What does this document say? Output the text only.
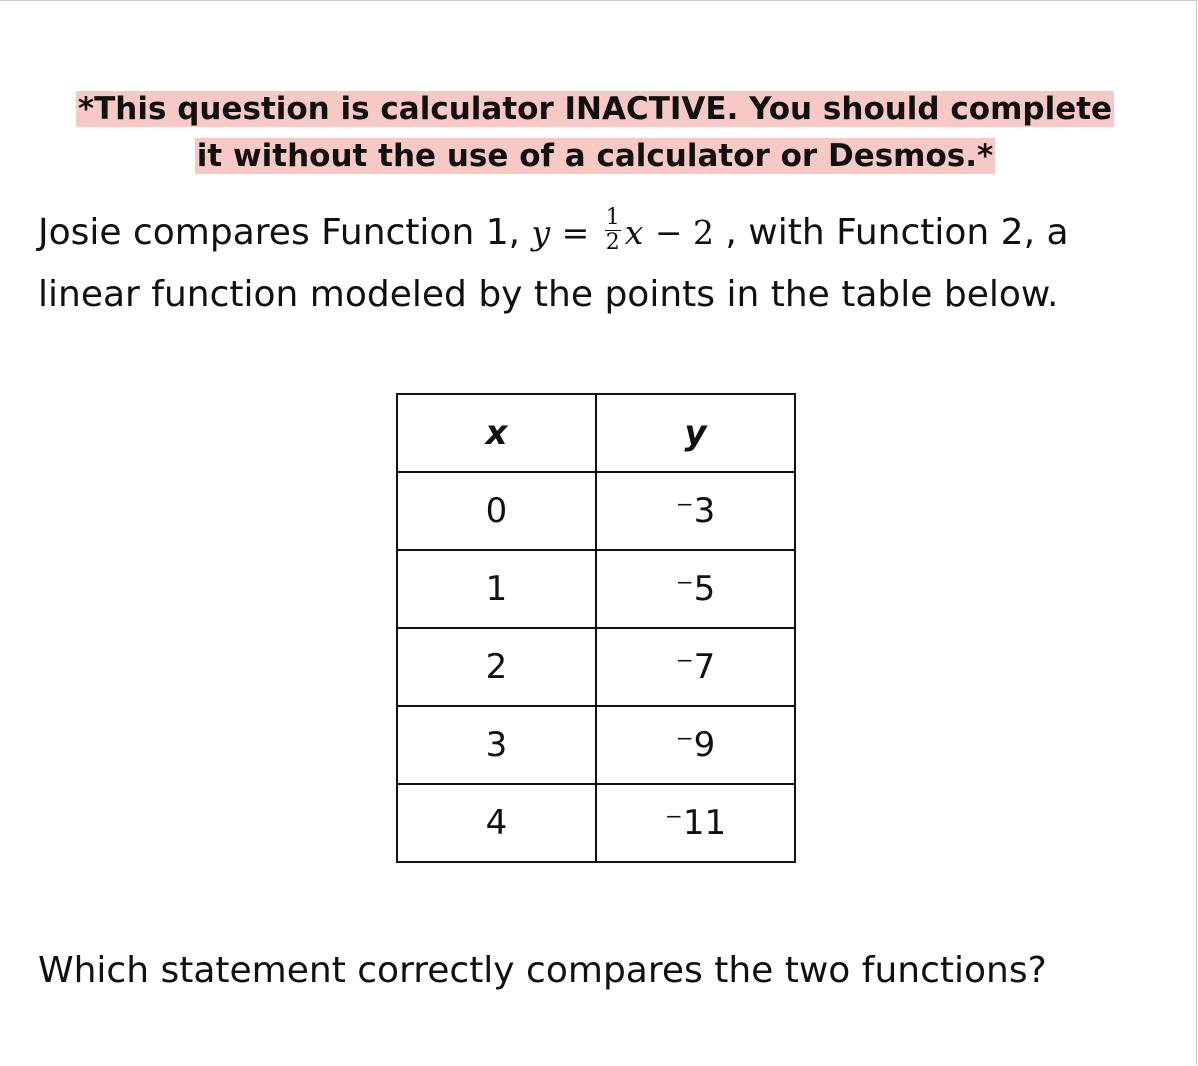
*This question is calculator INACTIVE. You should complete
it without the use of a calculator or Desmos.*
Josie compares Function 1, $y = \frac{1}{2}$ x − 2 , with Function 2, a
linear function modeled by the points in the table below.
x	y
0	⁻3
1	⁻5
2	⁻7
3	⁻9
4	⁻11
Which statement correctly compares the two functions?
